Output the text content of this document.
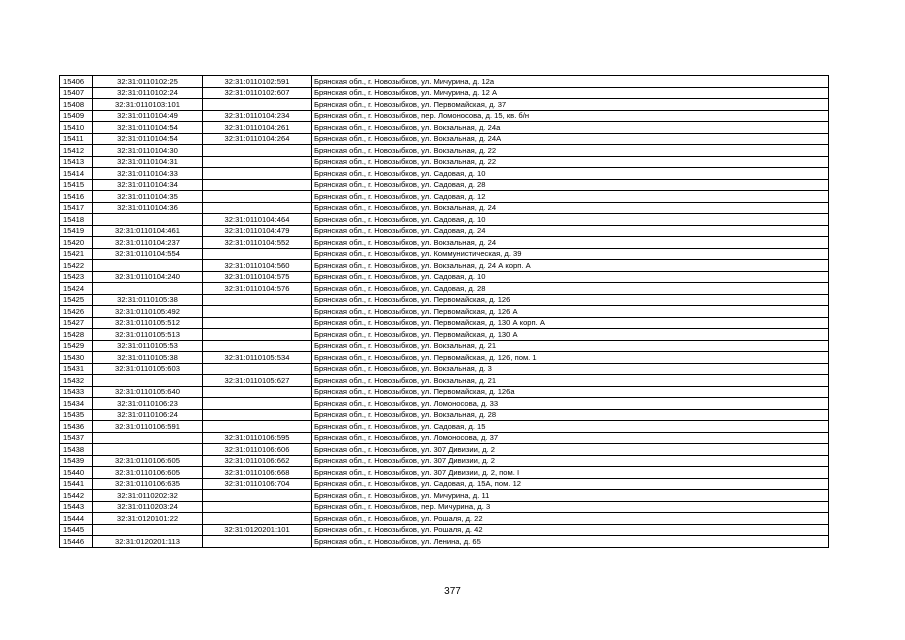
15406	32:31:0110102:25	32:31:0110102:591	Брянская обл., г. Новозыбков, ул. Мичурина, д. 12а
15407	32:31:0110102:24	32:31:0110102:607	Брянская обл., г. Новозыбков, ул. Мичурина, д. 12 А
15408	32:31:0110103:101		Брянская обл., г. Новозыбков, ул. Первомайская, д. 37
15409	32:31:0110104:49	32:31:0110104:234	Брянская обл., г. Новозыбков, пер. Ломоносова, д. 15, кв. б/н
15410	32:31:0110104:54	32:31:0110104:261	Брянская обл., г. Новозыбков, ул. Вокзальная, д. 24а
15411	32:31:0110104:54	32:31:0110104:264	Брянская обл., г. Новозыбков, ул. Вокзальная, д. 24А
15412	32:31:0110104:30		Брянская обл., г. Новозыбков, ул. Вокзальная, д. 22
15413	32:31:0110104:31		Брянская обл., г. Новозыбков, ул. Вокзальная, д. 22
15414	32:31:0110104:33		Брянская обл., г. Новозыбков, ул. Садовая, д. 10
15415	32:31:0110104:34		Брянская обл., г. Новозыбков, ул. Садовая, д. 28
15416	32:31:0110104:35		Брянская обл., г. Новозыбков, ул. Садовая, д. 12
15417	32:31:0110104:36		Брянская обл., г. Новозыбков, ул. Вокзальная, д. 24
15418		32:31:0110104:464	Брянская обл., г. Новозыбков, ул. Садовая, д. 10
15419	32:31:0110104:461	32:31:0110104:479	Брянская обл., г. Новозыбков, ул. Садовая, д. 24
15420	32:31:0110104:237	32:31:0110104:552	Брянская обл., г. Новозыбков, ул. Вокзальная, д. 24
15421	32:31:0110104:554		Брянская обл., г. Новозыбков, ул. Коммунистическая, д. 39
15422		32:31:0110104:560	Брянская обл., г. Новозыбков, ул. Вокзальная, д. 24 А корп. А
15423	32:31:0110104:240	32:31:0110104:575	Брянская обл., г. Новозыбков, ул. Садовая, д. 10
15424		32:31:0110104:576	Брянская обл., г. Новозыбков, ул. Садовая, д. 28
15425	32:31:0110105:38		Брянская обл., г. Новозыбков, ул. Первомайская, д. 126
15426	32:31:0110105:492		Брянская обл., г. Новозыбков, ул. Первомайская, д. 126 А
15427	32:31:0110105:512		Брянская обл., г. Новозыбков, ул. Первомайская, д. 130 А корп. А
15428	32:31:0110105:513		Брянская обл., г. Новозыбков, ул. Первомайская, д. 130 А
15429	32:31:0110105:53		Брянская обл., г. Новозыбков, ул. Вокзальная, д. 21
15430	32:31:0110105:38	32:31:0110105:534	Брянская обл., г. Новозыбков, ул. Первомайская, д. 126, пом. 1
15431	32:31:0110105:603		Брянская обл., г. Новозыбков, ул. Вокзальная, д. 3
15432		32:31:0110105:627	Брянская обл., г. Новозыбков, ул. Вокзальная, д. 21
15433	32:31:0110105:640		Брянская обл., г. Новозыбков, ул. Первомайская, д. 126а
15434	32:31:0110106:23		Брянская обл., г. Новозыбков, ул. Ломоносова, д. 33
15435	32:31:0110106:24		Брянская обл., г. Новозыбков, ул. Вокзальная, д. 28
15436	32:31:0110106:591		Брянская обл., г. Новозыбков, ул. Садовая, д. 15
15437		32:31:0110106:595	Брянская обл., г. Новозыбков, ул. Ломоносова, д. 37
15438		32:31:0110106:606	Брянская обл., г. Новозыбков, ул. 307 Дивизии, д. 2
15439	32:31:0110106:605	32:31:0110106:662	Брянская обл., г. Новозыбков, ул. 307 Дивизии, д. 2
15440	32:31:0110106:605	32:31:0110106:668	Брянская обл., г. Новозыбков, ул. 307 Дивизии, д. 2, пом. I
15441	32:31:0110106:635	32:31:0110106:704	Брянская обл., г. Новозыбков, ул. Садовая, д. 15А, пом. 12
15442	32:31:0110202:32		Брянская обл., г. Новозыбков, ул. Мичурина, д. 11
15443	32:31:0110203:24		Брянская обл., г. Новозыбков, пер. Мичурина, д. 3
15444	32:31:0120101:22		Брянская обл., г. Новозыбков, ул. Рошаля, д. 22
15445		32:31:0120201:101	Брянская обл., г. Новозыбков, ул. Рошаля, д. 42
15446	32:31:0120201:113		Брянская обл., г. Новозыбков, ул. Ленина, д. 65
377
